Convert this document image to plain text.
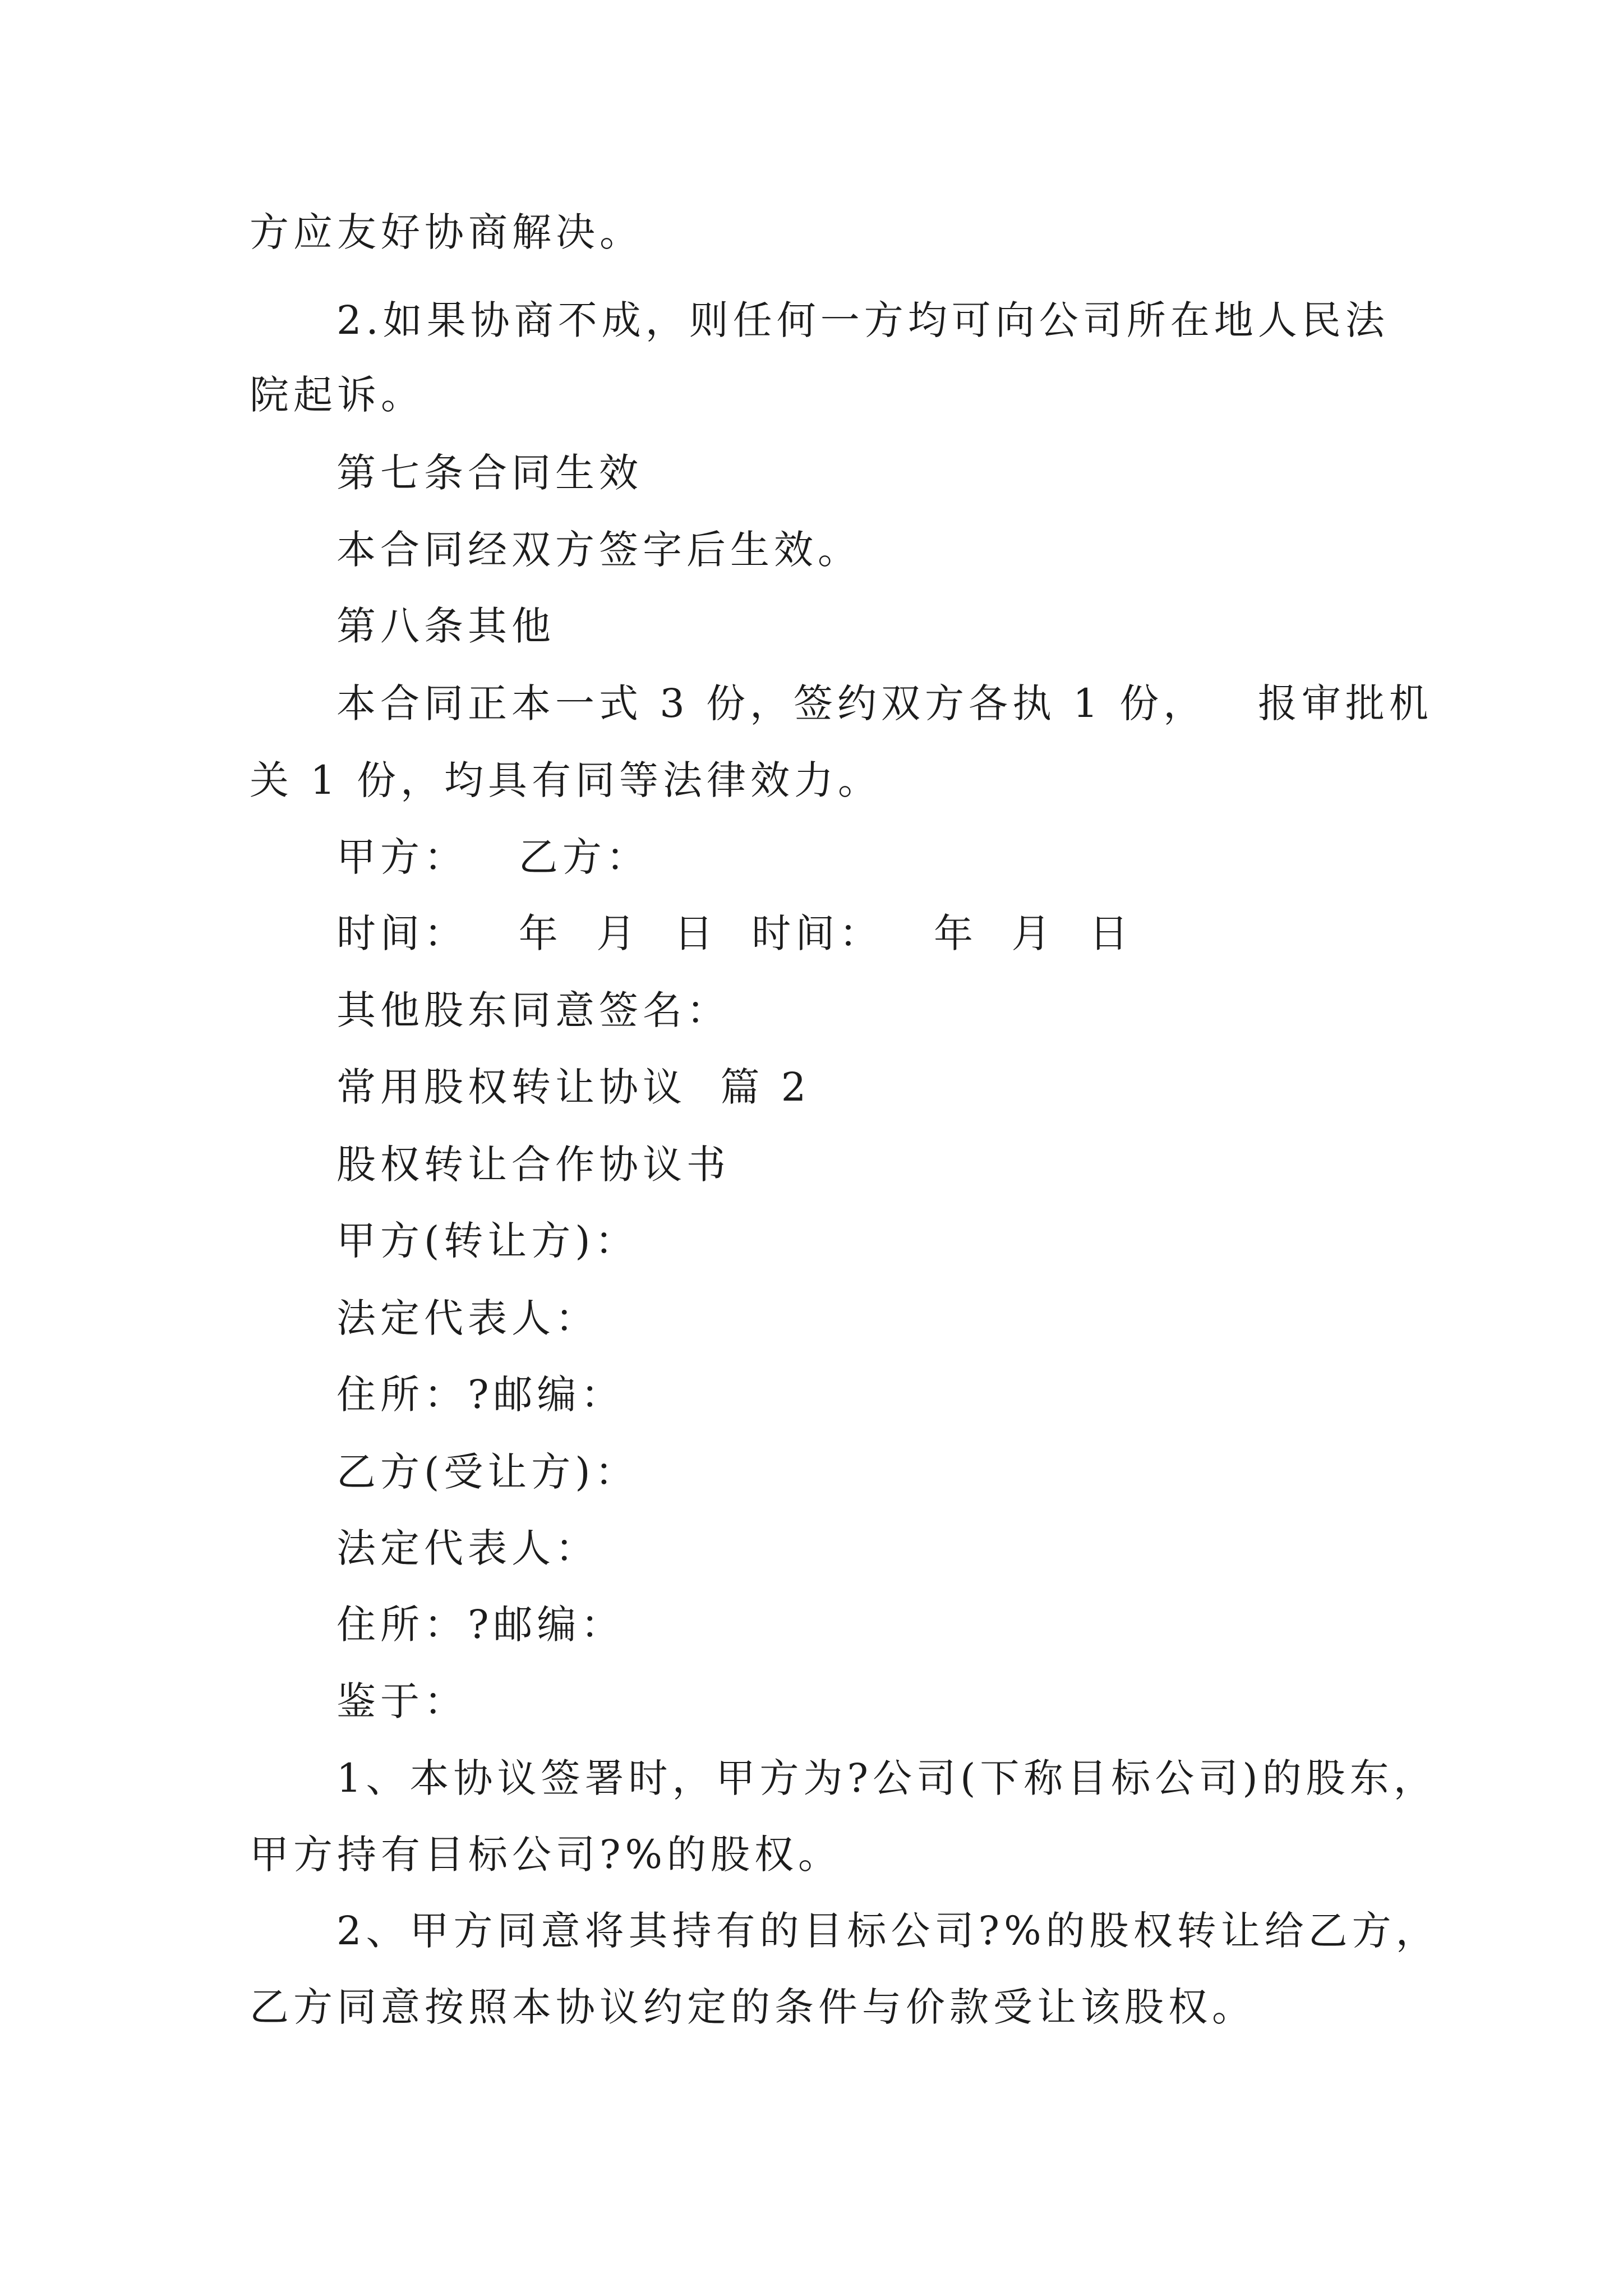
方应友好协商解决。
2.如果协商不成，则任何一方均可向公司所在地人民法
院起诉。
第七条合同生效
本合同经双方签字后生效。
第八条其他
本合同正本一式 3 份，签约双方各执 1 份，   报审批机
关 1 份，均具有同等法律效力。
甲方：   乙方：
时间：   年  月  日  时间：   年  月  日
其他股东同意签名：
常用股权转让协议  篇 2
股权转让合作协议书
甲方(转让方)：
法定代表人：
住所：?邮编：
乙方(受让方)：
法定代表人：
住所：?邮编：
鉴于：
1、本协议签署时，甲方为?公司(下称目标公司)的股东，
甲方持有目标公司?%的股权。
2、甲方同意将其持有的目标公司?%的股权转让给乙方，
乙方同意按照本协议约定的条件与价款受让该股权。
